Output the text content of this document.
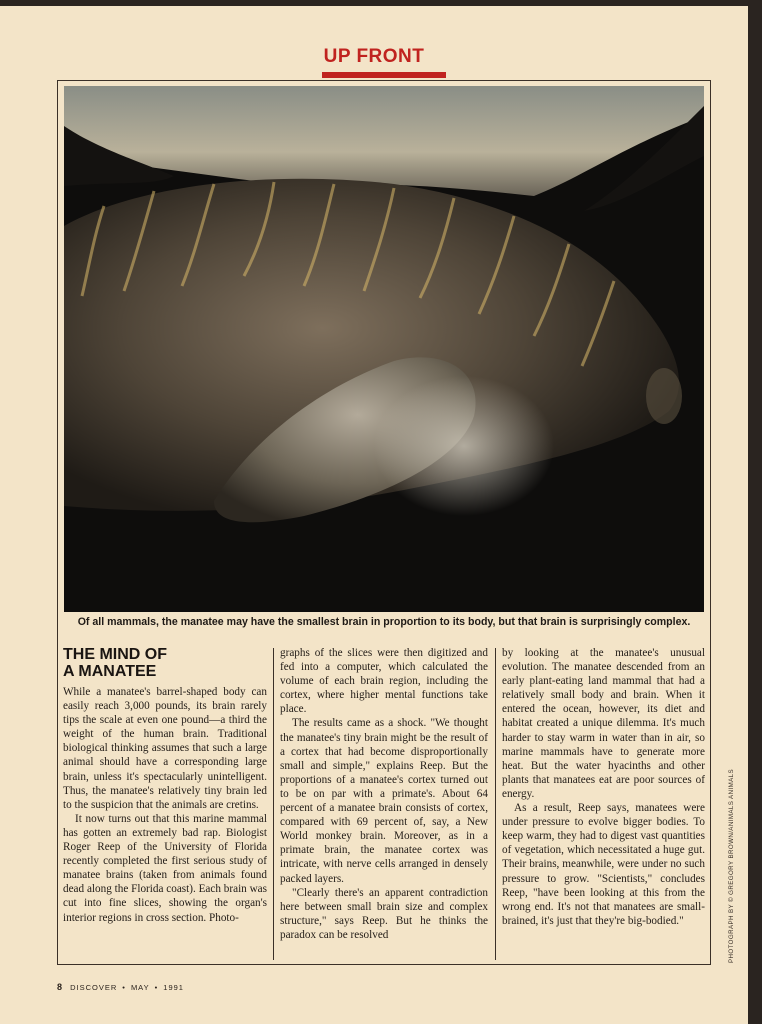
UP FRONT
Of all mammals, the manatee may have the smallest brain in proportion to its body, but that brain is surprisingly complex.
THE MIND OF
A MANATEE

While a manatee's barrel-shaped body can easily reach 3,000 pounds, its brain rarely tips the scale at even one pound—a third the weight of the human brain. Traditional biological thinking assumes that such a large animal should have a corresponding large brain, unless it's spectacularly unintelligent. Thus, the manatee's relatively tiny brain led to the suspicion that the animals are cretins.

It now turns out that this marine mammal has gotten an extremely bad rap. Biologist Roger Reep of the University of Florida recently completed the first serious study of manatee brains (taken from animals found dead along the Florida coast). Each brain was cut into fine slices, showing the organ's interior regions in cross section. Photo-

graphs of the slices were then digitized and fed into a computer, which calculated the volume of each brain region, including the cortex, where higher mental functions take place.

The results came as a shock. "We thought the manatee's tiny brain might be the result of a cortex that had become disproportionally small and simple," explains Reep. But the proportions of a manatee's cortex turned out to be on par with a primate's. About 64 percent of a manatee brain consists of cortex, compared with 69 percent of, say, a New World monkey brain. Moreover, as in a primate brain, the manatee cortex was intricate, with nerve cells arranged in densely packed layers.

"Clearly there's an apparent contradiction here between small brain size and complex structure," says Reep. But he thinks the paradox can be resolved

by looking at the manatee's unusual evolution. The manatee descended from an early plant-eating land mammal that had a relatively small body and brain. When it entered the ocean, however, its diet and habitat created a unique dilemma. It's much harder to stay warm in water than in air, so marine mammals have to generate more heat. But the water hyacinths and other plants that manatees eat are poor sources of energy.

As a result, Reep says, manatees were under pressure to evolve bigger bodies. To keep warm, they had to digest vast quantities of vegetation, which necessitated a huge gut. Their brains, meanwhile, were under no such pressure to grow. "Scientists," concludes Reep, "have been looking at this from the wrong end. It's not that manatees are small-brained, it's just that they're big-bodied."	PHOTOGRAPH BY © GREGORY BROWN/ANIMALS ANIMALS
8 DISCOVER • MAY • 1991
